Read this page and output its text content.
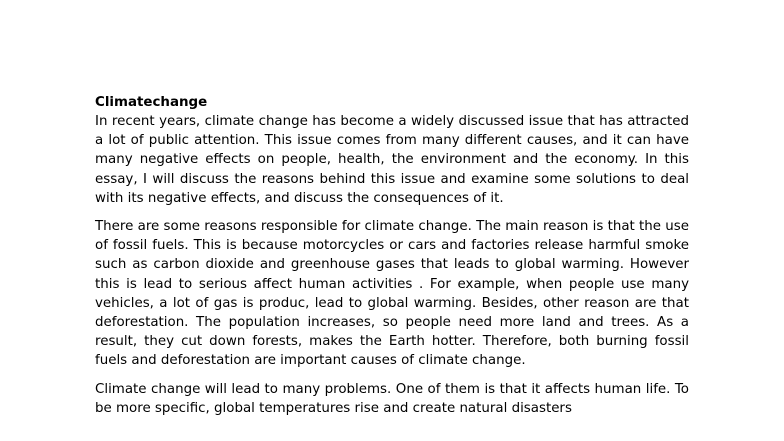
Climatechange

In recent years, climate change has become a widely discussed issue that has attracted a lot of public attention. This issue comes from many different causes, and it can have many negative effects on people, health, the environment and the economy. In this essay, I will discuss the reasons behind this issue and examine some solutions to deal with its negative effects, and discuss the consequences of it.

There are some reasons responsible for climate change. The main reason is that the use of fossil fuels. This is because motorcycles or cars and factories release harmful smoke such as carbon dioxide and greenhouse gases that leads to global warming. However this is lead to serious affect human activities . For example, when people use many vehicles, a lot of gas is produc, lead to global warming. Besides, other reason are that deforestation. The population increases, so people need more land and trees. As a result, they cut down forests, makes the Earth hotter. Therefore, both burning fossil fuels and deforestation are important causes of climate change.

Climate change will lead to many problems. One of them is that it affects human life. To be more specific, global temperatures rise and create natural disasters
